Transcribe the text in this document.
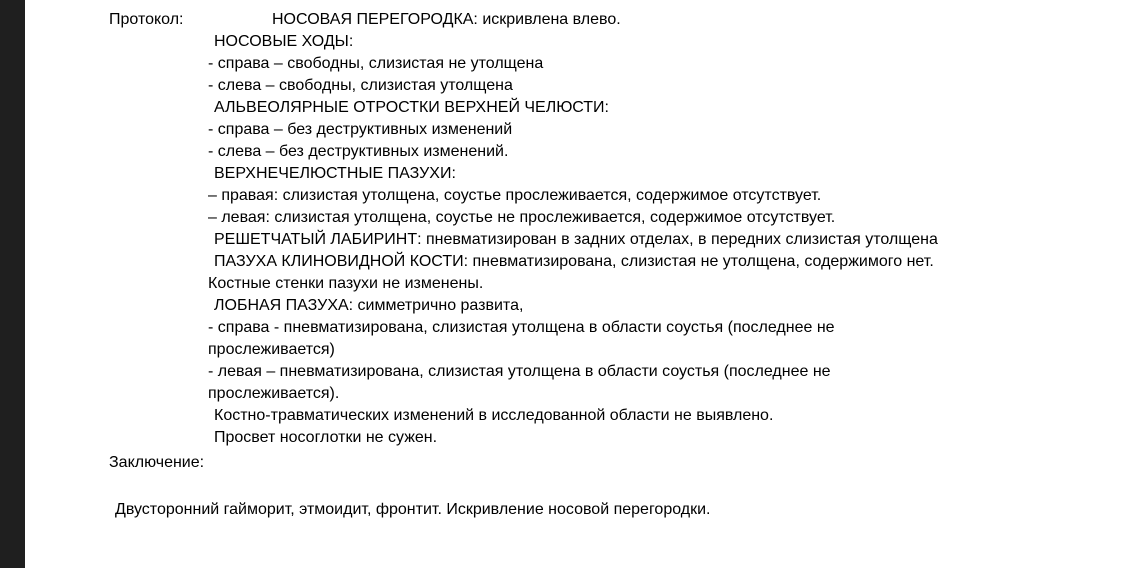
Протокол:	НОСОВАЯ ПЕРЕГОРОДКА: искривлена влево.
НОСОВЫЕ ХОДЫ:
- справа – свободны, слизистая не утолщена
- слева – свободны, слизистая утолщена
АЛЬВЕОЛЯРНЫЕ ОТРОСТКИ ВЕРХНЕЙ ЧЕЛЮСТИ:
- справа – без деструктивных изменений
- слева – без деструктивных изменений.
ВЕРХНЕЧЕЛЮСТНЫЕ ПАЗУХИ:
– правая: слизистая утолщена, соустье прослеживается, содержимое отсутствует.
– левая: слизистая утолщена, соустье не прослеживается, содержимое отсутствует.
РЕШЕТЧАТЫЙ ЛАБИРИНТ: пневматизирован в задних отделах, в передних слизистая утолщена
ПАЗУХА КЛИНОВИДНОЙ КОСТИ: пневматизирована, слизистая не утолщена, содержимого нет.
Костные стенки пазухи не изменены.
ЛОБНАЯ ПАЗУХА: симметрично развита,
- справа - пневматизирована, слизистая утолщена в области соустья (последнее не
прослеживается)
- левая – пневматизирована, слизистая утолщена в области соустья (последнее не
прослеживается).
Костно-травматических изменений в исследованной области не выявлено.
Просвет носоглотки не сужен.
Заключение:
Двусторонний гайморит, этмоидит, фронтит. Искривление носовой перегородки.
